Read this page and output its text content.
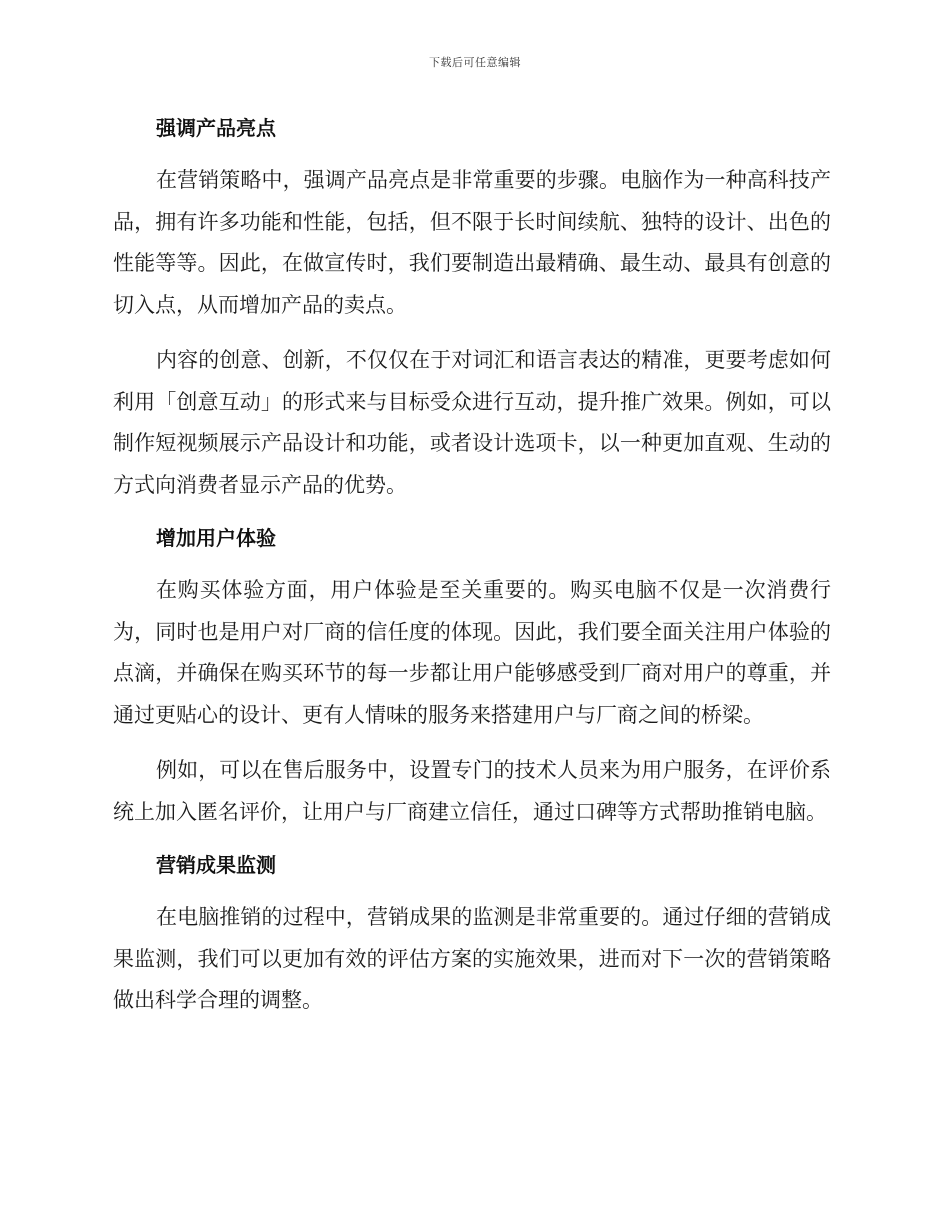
下载后可任意编辑
强调产品亮点

在营销策略中，强调产品亮点是非常重要的步骤。电脑作为一种高科技产品，拥有许多功能和性能，包括，但不限于长时间续航、独特的设计、出色的性能等等。因此，在做宣传时，我们要制造出最精确、最生动、最具有创意的切入点，从而增加产品的卖点。

内容的创意、创新，不仅仅在于对词汇和语言表达的精准，更要考虑如何利用「创意互动」的形式来与目标受众进行互动，提升推广效果。例如，可以制作短视频展示产品设计和功能，或者设计选项卡，以一种更加直观、生动的方式向消费者显示产品的优势。

增加用户体验

在购买体验方面，用户体验是至关重要的。购买电脑不仅是一次消费行为，同时也是用户对厂商的信任度的体现。因此，我们要全面关注用户体验的点滴，并确保在购买环节的每一步都让用户能够感受到厂商对用户的尊重，并通过更贴心的设计、更有人情味的服务来搭建用户与厂商之间的桥梁。

例如，可以在售后服务中，设置专门的技术人员来为用户服务，在评价系统上加入匿名评价，让用户与厂商建立信任，通过口碑等方式帮助推销电脑。

营销成果监测

在电脑推销的过程中，营销成果的监测是非常重要的。通过仔细的营销成果监测，我们可以更加有效的评估方案的实施效果，进而对下一次的营销策略做出科学合理的调整。
